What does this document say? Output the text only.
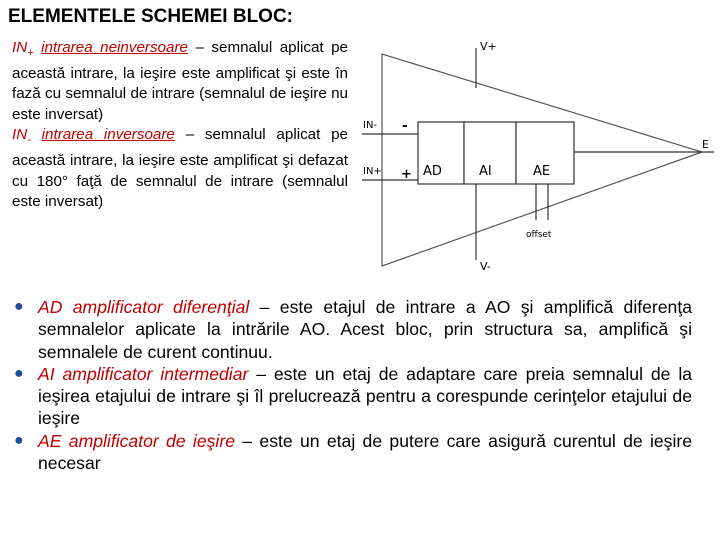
ELEMENTELE SCHEMEI BLOC:

$IN_+$ intrarea neinversoare – semnalul aplicat pe această intrare, la ieşire este amplificat şi este în fază cu semnalul de intrare (semnalul de ieşire nu este inversat)

$IN_-$ intrarea inversoare – semnalul aplicat pe această intrare, la ieşire este amplificat şi defazat cu 180° faţă de semnalul de intrare (semnalul este inversat)

V+
V-
IN-
IN+
-
+ AD	AI	AE
E
offset
● AD amplificator diferenţial – este etajul de intrare a AO şi amplifică diferenţa semnalelor aplicate la intrările AO. Acest bloc, prin structura sa, amplifică şi semnalele de curent continuu.
● AI amplificator intermediar – este un etaj de adaptare care preia semnalul de la ieşirea etajului de intrare şi îl prelucrează pentru a corespunde cerinţelor etajului de ieşire
● AE amplificator de ieşire – este un etaj de putere care asigură curentul de ieşire necesar
